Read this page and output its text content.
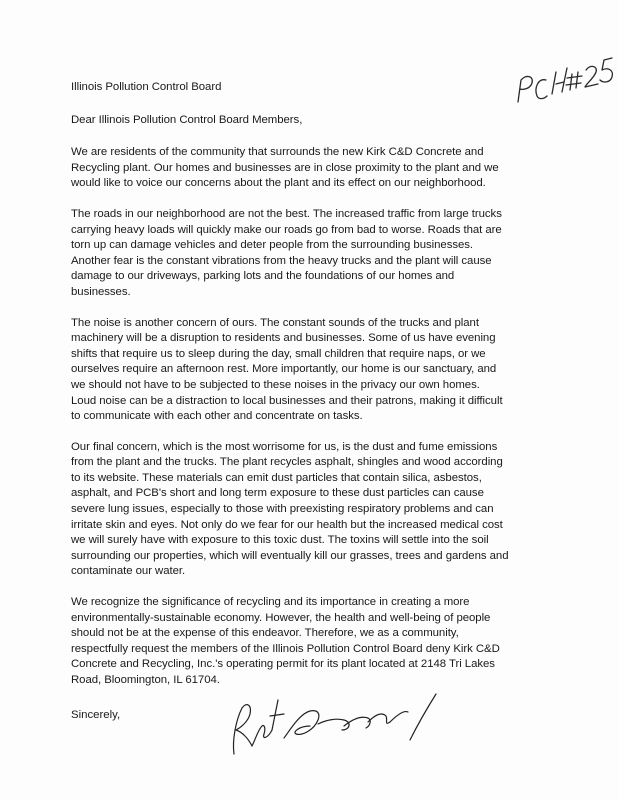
Illinois Pollution Control Board
Dear Illinois Pollution Control Board Members,
We are residents of the community that surrounds the new Kirk C&D Concrete and
Recycling plant. Our homes and businesses are in close proximity to the plant and we
would like to voice our concerns about the plant and its effect on our neighborhood.
The roads in our neighborhood are not the best. The increased traffic from large trucks
carrying heavy loads will quickly make our roads go from bad to worse. Roads that are
torn up can damage vehicles and deter people from the surrounding businesses.
Another fear is the constant vibrations from the heavy trucks and the plant will cause
damage to our driveways, parking lots and the foundations of our homes and
businesses.
The noise is another concern of ours. The constant sounds of the trucks and plant
machinery will be a disruption to residents and businesses. Some of us have evening
shifts that require us to sleep during the day, small children that require naps, or we
ourselves require an afternoon rest. More importantly, our home is our sanctuary, and
we should not have to be subjected to these noises in the privacy our own homes.
Loud noise can be a distraction to local businesses and their patrons, making it difficult
to communicate with each other and concentrate on tasks.
Our final concern, which is the most worrisome for us, is the dust and fume emissions
from the plant and the trucks. The plant recycles asphalt, shingles and wood according
to its website. These materials can emit dust particles that contain silica, asbestos,
asphalt, and PCB's short and long term exposure to these dust particles can cause
severe lung issues, especially to those with preexisting respiratory problems and can
irritate skin and eyes. Not only do we fear for our health but the increased medical cost
we will surely have with exposure to this toxic dust. The toxins will settle into the soil
surrounding our properties, which will eventually kill our grasses, trees and gardens and
contaminate our water.
We recognize the significance of recycling and its importance in creating a more
environmentally-sustainable economy. However, the health and well-being of people
should not be at the expense of this endeavor. Therefore, we as a community,
respectfully request the members of the Illinois Pollution Control Board deny Kirk C&D
Concrete and Recycling, Inc.'s operating permit for its plant located at 2148 Tri Lakes
Road, Bloomington, IL 61704.
Sincerely,
